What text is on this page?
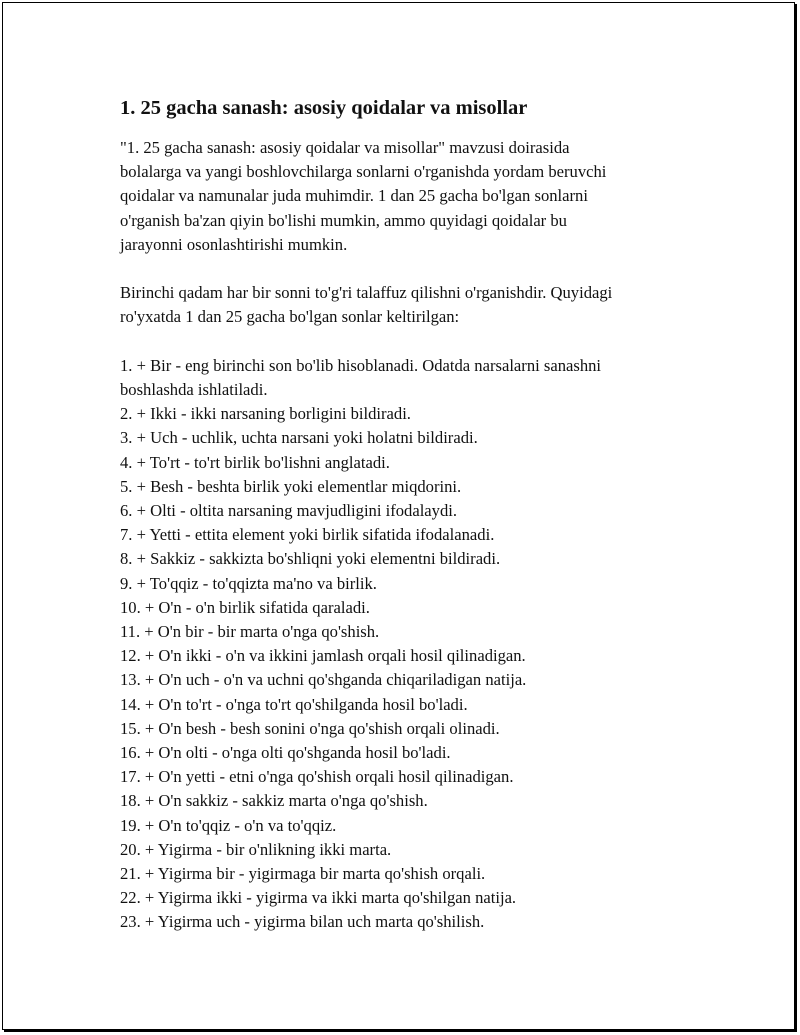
1. 25 gacha sanash: asosiy qoidalar va misollar

"1. 25 gacha sanash: asosiy qoidalar va misollar" mavzusi doirasida
bolalarga va yangi boshlovchilarga sonlarni o'rganishda yordam beruvchi
qoidalar va namunalar juda muhimdir. 1 dan 25 gacha bo'lgan sonlarni
o'rganish ba'zan qiyin bo'lishi mumkin, ammo quyidagi qoidalar bu
jarayonni osonlashtirishi mumkin.

Birinchi qadam har bir sonni to'g'ri talaffuz qilishni o'rganishdir. Quyidagi
ro'yxatda 1 dan 25 gacha bo'lgan sonlar keltirilgan:

1. + Bir - eng birinchi son bo'lib hisoblanadi. Odatda narsalarni sanashni
boshlashda ishlatiladi.
2. + Ikki - ikki narsaning borligini bildiradi.
3. + Uch - uchlik, uchta narsani yoki holatni bildiradi.
4. + To'rt - to'rt birlik bo'lishni anglatadi.
5. + Besh - beshta birlik yoki elementlar miqdorini.
6. + Olti - oltita narsaning mavjudligini ifodalaydi.
7. + Yetti - ettita element yoki birlik sifatida ifodalanadi.
8. + Sakkiz - sakkizta bo'shliqni yoki elementni bildiradi.
9. + To'qqiz - to'qqizta ma'no va birlik.
10. + O'n - o'n birlik sifatida qaraladi.
11. + O'n bir - bir marta o'nga qo'shish.
12. + O'n ikki - o'n va ikkini jamlash orqali hosil qilinadigan.
13. + O'n uch - o'n va uchni qo'shganda chiqariladigan natija.
14. + O'n to'rt - o'nga to'rt qo'shilganda hosil bo'ladi.
15. + O'n besh - besh sonini o'nga qo'shish orqali olinadi.
16. + O'n olti - o'nga olti qo'shganda hosil bo'ladi.
17. + O'n yetti - etni o'nga qo'shish orqali hosil qilinadigan.
18. + O'n sakkiz - sakkiz marta o'nga qo'shish.
19. + O'n to'qqiz - o'n va to'qqiz.
20. + Yigirma - bir o'nlikning ikki marta.
21. + Yigirma bir - yigirmaga bir marta qo'shish orqali.
22. + Yigirma ikki - yigirma va ikki marta qo'shilgan natija.
23. + Yigirma uch - yigirma bilan uch marta qo'shilish.
